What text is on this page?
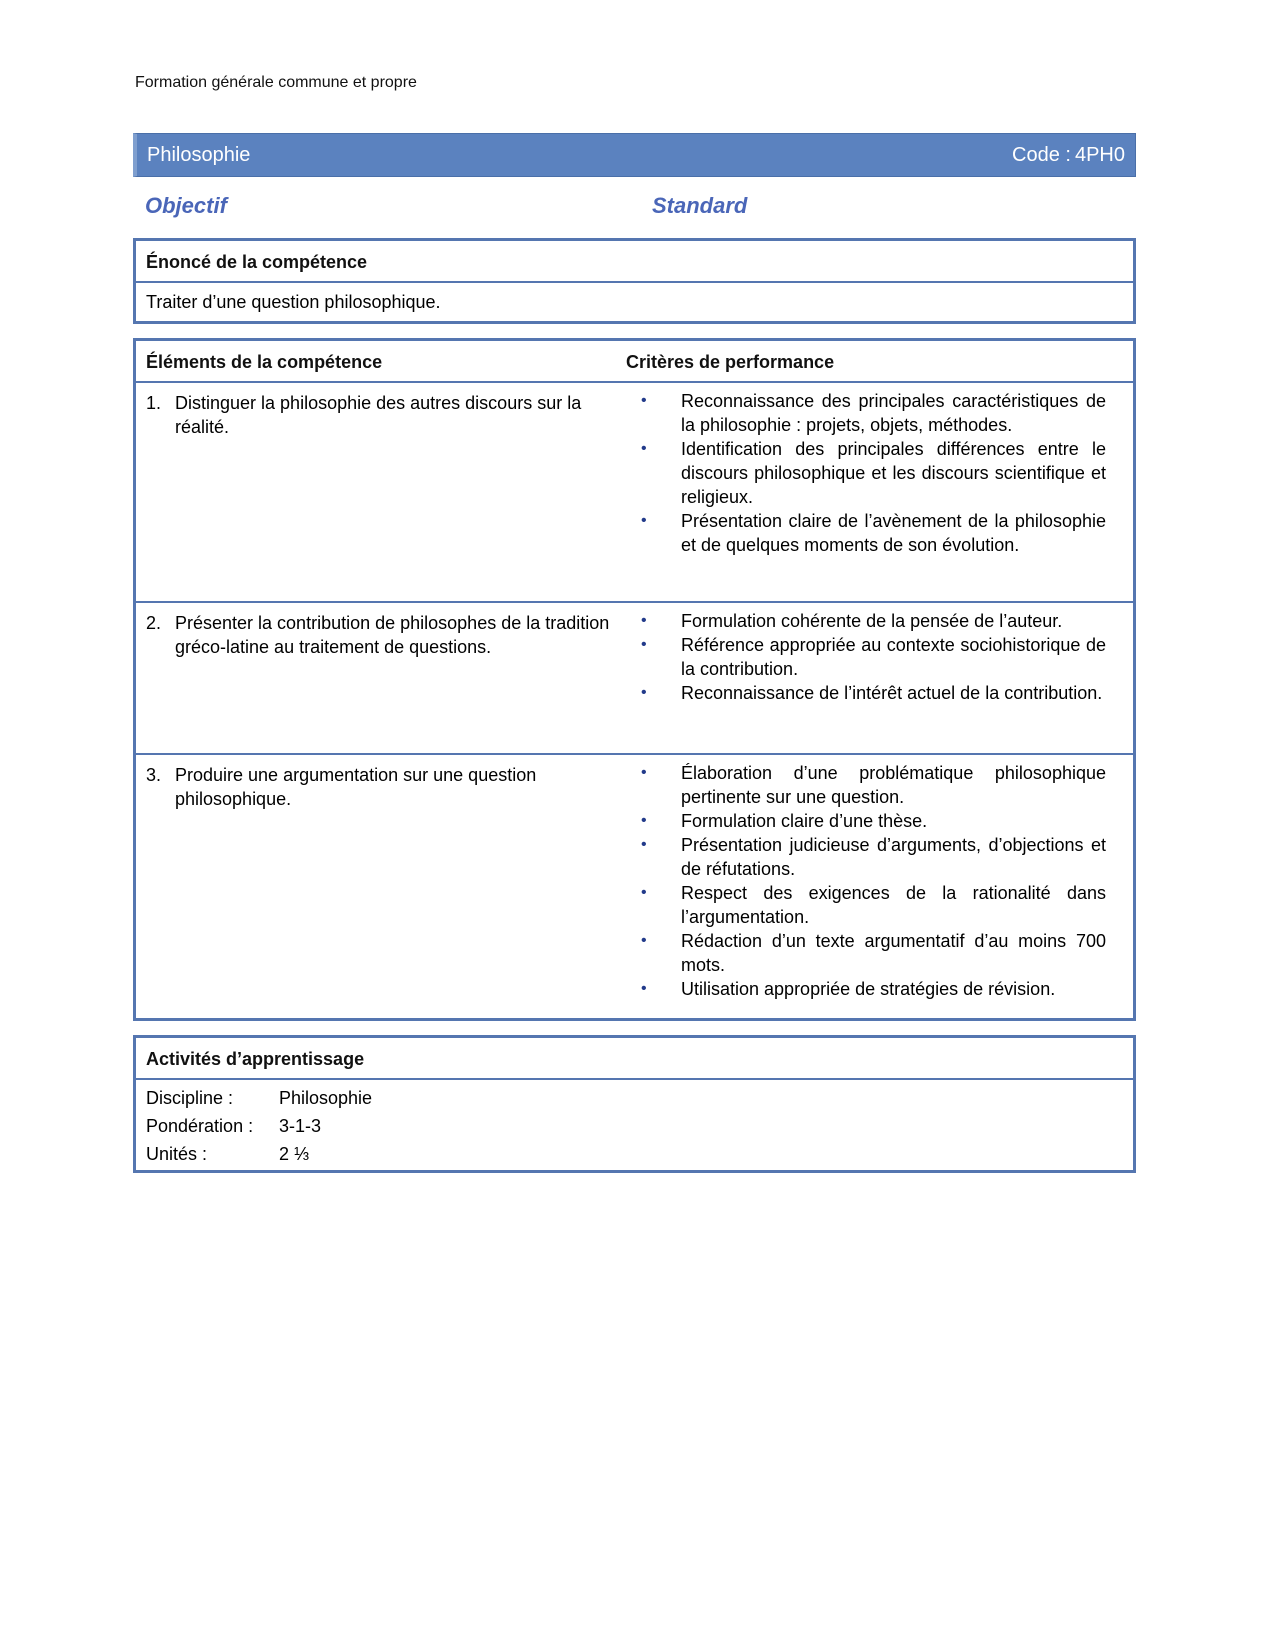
Formation générale commune et propre
Philosophie	Code : 4PH0
Objectif	Standard
Énoncé de la compétence
Traiter d’une question philosophique.
Éléments de la compétence	Critères de performance
1. Distinguer la philosophie des autres discours sur la réalité.
• Reconnaissance des principales caractéristiques de la philosophie : projets, objets, méthodes.
• Identification des principales différences entre le discours philosophique et les discours scientifique et religieux.
• Présentation claire de l’avènement de la philosophie et de quelques moments de son évolution.
2. Présenter la contribution de philosophes de la tradition gréco-latine au traitement de questions.
• Formulation cohérente de la pensée de l’auteur.
• Référence appropriée au contexte sociohistorique de la contribution.
• Reconnaissance de l’intérêt actuel de la contribution.
3. Produire une argumentation sur une question philosophique.
• Élaboration d’une problématique philosophique pertinente sur une question.
• Formulation claire d’une thèse.
• Présentation judicieuse d’arguments, d’objections et de réfutations.
• Respect des exigences de la rationalité dans l’argumentation.
• Rédaction d’un texte argumentatif d’au moins 700 mots.
• Utilisation appropriée de stratégies de révision.
Activités d’apprentissage
Discipline :	Philosophie
Pondération : 3-1-3
Unités :	2 ⅓
